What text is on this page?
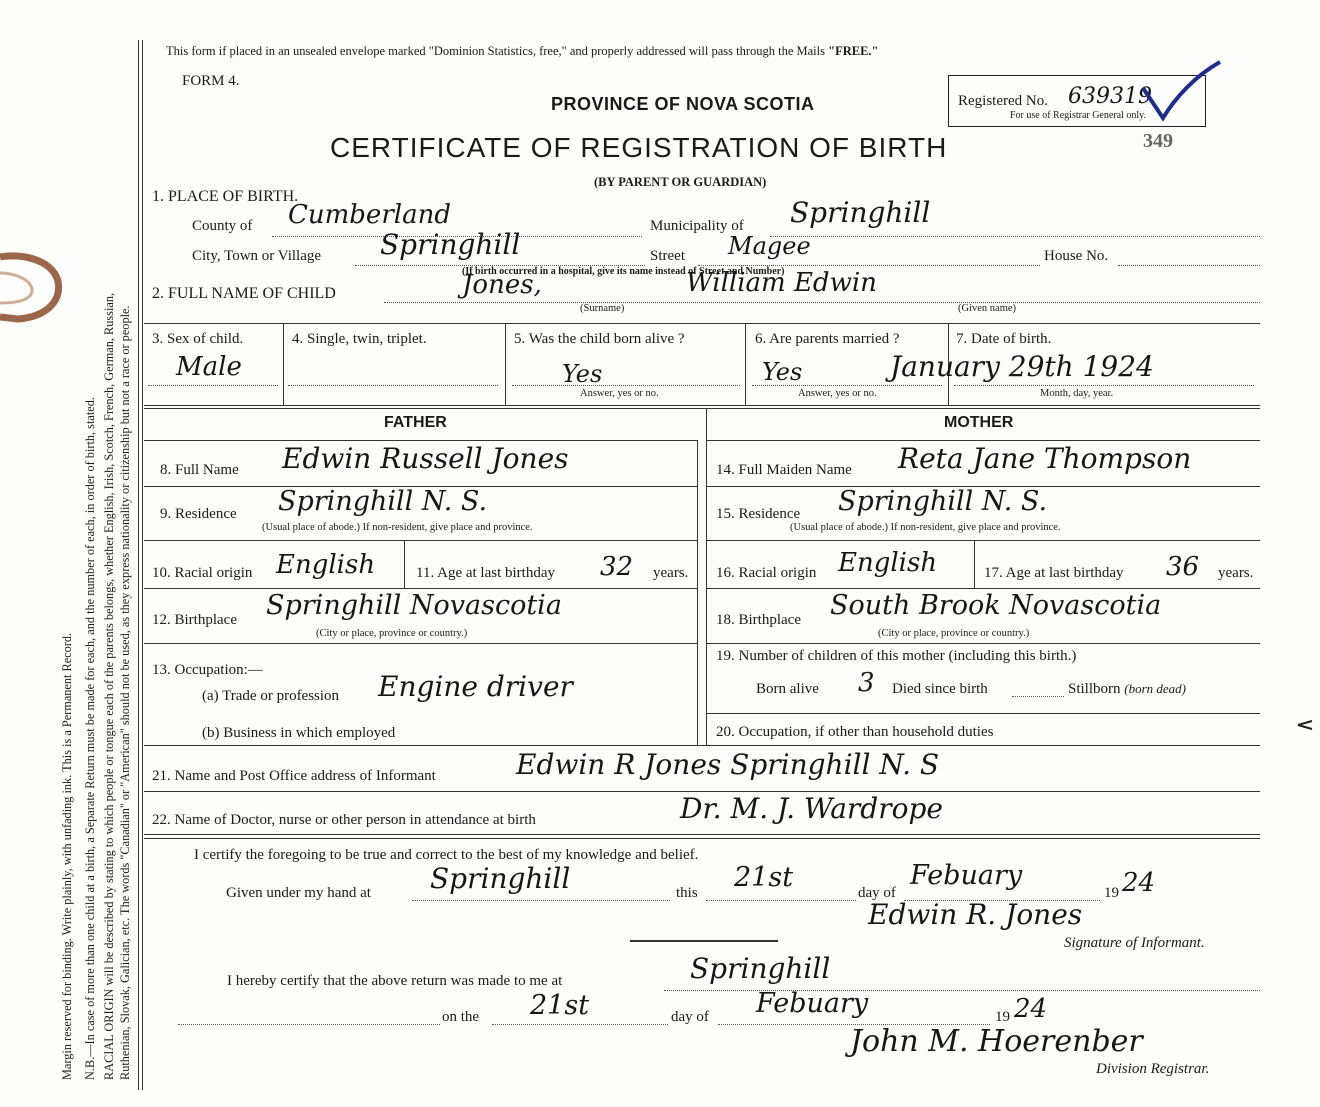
Margin reserved for binding. Write plainly, with unfading ink. This is a Permanent Record. N.B.—In case of more than one child at a birth, a Separate Return must be made for each, and the number of each, in order of birth, stated. RACIAL ORIGIN will be described by stating to which people or tongue each of the parents belongs, whether English, Irish, Scotch, French, German, Russian, Ruthenian, Slovak, Galician, etc. The words "Canadian" or "American" should not be used, as they express nationality or citizenship but not a race or people.
This form if placed in an unsealed envelope marked "Dominion Statistics, free," and properly addressed will pass through the Mails "FREE."
FORM 4.
PROVINCE OF NOVA SCOTIA
CERTIFICATE OF REGISTRATION OF BIRTH
(BY PARENT OR GUARDIAN)
Registered No. 639319
For use of Registrar General only.
349
1. PLACE OF BIRTH.
County of Cumberland	Municipality of Springhill
City, Town or Village Springhill	Street Magee	House No.
(If birth occurred in a hospital, give its name instead of Street and Number)
2. FULL NAME OF CHILD	Jones,	William Edwin
(Surname)	(Given name)
3. Sex of child.
Male
4. Single, twin, triplet.	5. Was the child born alive ?
Yes
Answer, yes or no.
6. Are parents married ?
Yes
Answer, yes or no.
7. Date of birth.
January 29th 1924
Month, day, year.
FATHER	MOTHER
8. Full Name Edwin Russell Jones
9. Residence Springhill N. S.
(Usual place of abode.) If non-resident, give place and province.
10. Racial origin English	11. Age at last birthday 32 years.
12. Birthplace Springhill Novascotia
(City or place, province or country.)
13. Occupation:—
(a) Trade or profession Engine driver
(b) Business in which employed
14. Full Maiden Name Reta Jane Thompson
15. Residence Springhill N. S.
(Usual place of abode.) If non-resident, give place and province.
16. Racial origin English	17. Age at last birthday 36 years.
18. Birthplace South Brook Novascotia
(City or place, province or country.)
19. Number of children of this mother (including this birth.)
Born alive 3 Died since birth	Stillborn (born dead)
20. Occupation, if other than household duties
21. Name and Post Office address of Informant	Edwin R Jones Springhill N. S
22. Name of Doctor, nurse or other person in attendance at birth	Dr. M. J. Wardrope
I certify the foregoing to be true and correct to the best of my knowledge and belief.
Given under my hand at Springhill	this 21st	day of
Febuary
19 24
Edwin R. Jones
Signature of Informant.
I hereby certify that the above return was made to me at	Springhill
on the 21st	day of Febuary	19 24
John M. Hoerenber
Division Registrar.
